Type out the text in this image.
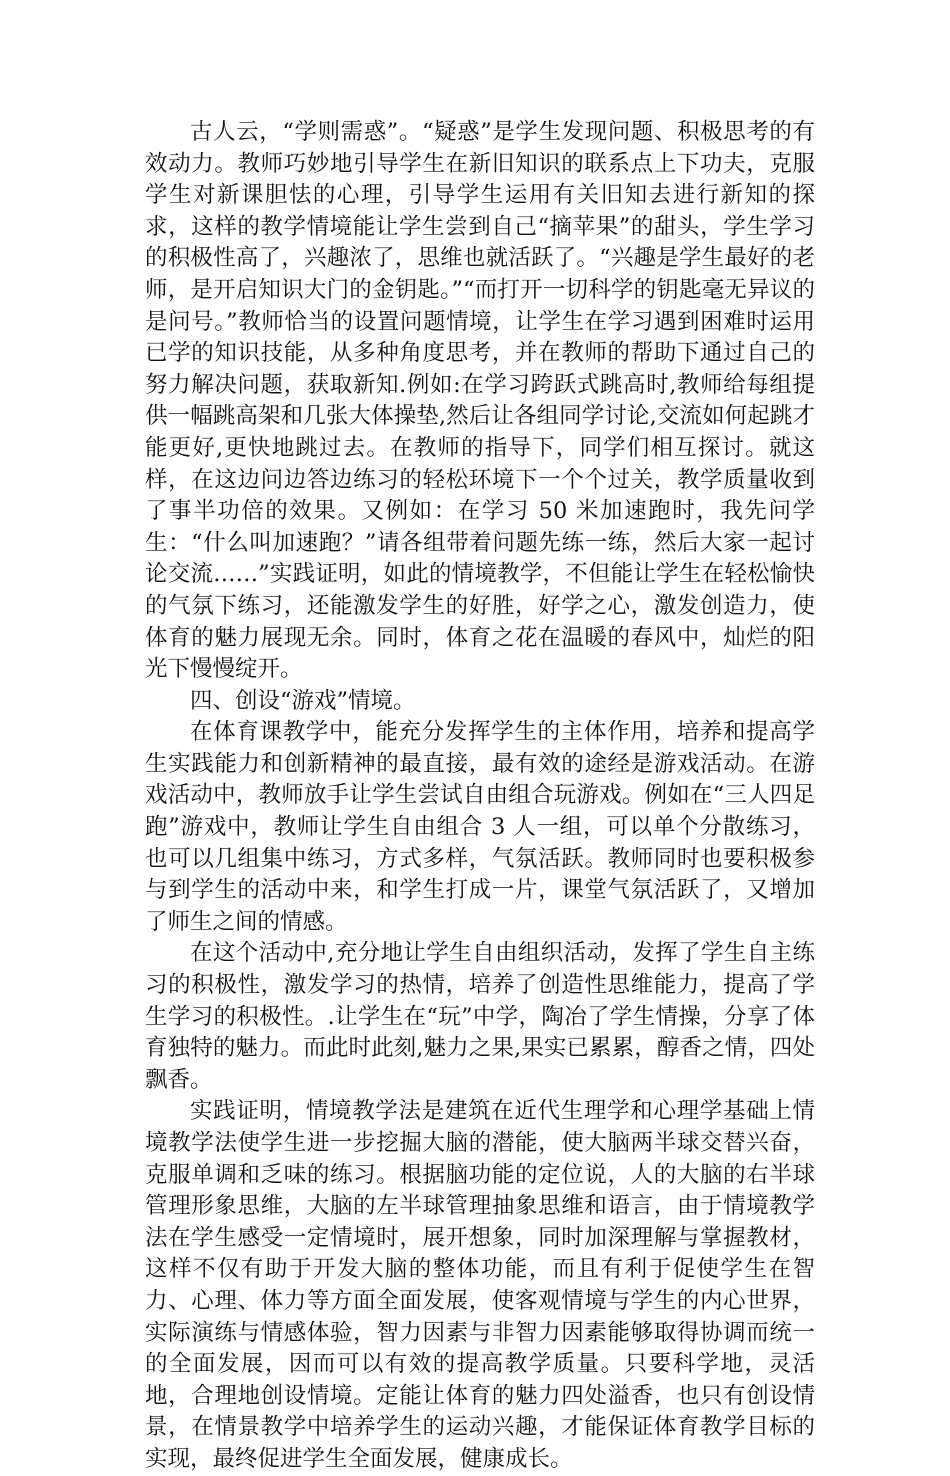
古人云，“学则需惑”。“疑惑”是学生发现问题、积极思考的有效动力。教师巧妙地引导学生在新旧知识的联系点上下功夫，克服学生对新课胆怯的心理，引导学生运用有关旧知去进行新知的探求，这样的教学情境能让学生尝到自己“摘苹果”的甜头，学生学习的积极性高了，兴趣浓了，思维也就活跃了。“兴趣是学生最好的老师，是开启知识大门的金钥匙。”“而打开一切科学的钥匙毫无异议的是问号。”教师恰当的设置问题情境，让学生在学习遇到困难时运用已学的知识技能，从多种角度思考，并在教师的帮助下通过自己的努力解决问题，获取新知.例如:在学习跨跃式跳高时,教师给每组提供一幅跳高架和几张大体操垫,然后让各组同学讨论,交流如何起跳才能更好,更快地跳过去。在教师的指导下，同学们相互探讨。就这样，在这边问边答边练习的轻松环境下一个个过关，教学质量收到了事半功倍的效果。又例如：在学习 50 米加速跑时，我先问学生：“什么叫加速跑？”请各组带着问题先练一练，然后大家一起讨论交流……”实践证明，如此的情境教学，不但能让学生在轻松愉快的气氛下练习，还能激发学生的好胜，好学之心，激发创造力，使体育的魅力展现无余。同时，体育之花在温暖的春风中，灿烂的阳光下慢慢绽开。

四、创设“游戏”情境。

在体育课教学中，能充分发挥学生的主体作用，培养和提高学生实践能力和创新精神的最直接，最有效的途经是游戏活动。在游戏活动中，教师放手让学生尝试自由组合玩游戏。例如在“三人四足跑”游戏中，教师让学生自由组合 3 人一组，可以单个分散练习，也可以几组集中练习，方式多样，气氛活跃。教师同时也要积极参与到学生的活动中来，和学生打成一片，课堂气氛活跃了，又增加了师生之间的情感。

在这个活动中,充分地让学生自由组织活动，发挥了学生自主练习的积极性，激发学习的热情，培养了创造性思维能力，提高了学生学习的积极性。.让学生在“玩”中学，陶冶了学生情操，分享了体育独特的魅力。而此时此刻,魅力之果,果实已累累，醇香之情，四处飘香。

实践证明，情境教学法是建筑在近代生理学和心理学基础上情境教学法使学生进一步挖掘大脑的潜能，使大脑两半球交替兴奋，克服单调和乏味的练习。根据脑功能的定位说，人的大脑的右半球管理形象思维，大脑的左半球管理抽象思维和语言，由于情境教学法在学生感受一定情境时，展开想象，同时加深理解与掌握教材，这样不仅有助于开发大脑的整体功能，而且有利于促使学生在智力、心理、体力等方面全面发展，使客观情境与学生的内心世界，实际演练与情感体验，智力因素与非智力因素能够取得协调而统一的全面发展，因而可以有效的提高教学质量。只要科学地，灵活地，合理地创设情境。定能让体育的魅力四处溢香，也只有创设情景，在情景教学中培养学生的运动兴趣，才能保证体育教学目标的实现，最终促进学生全面发展，健康成长。
